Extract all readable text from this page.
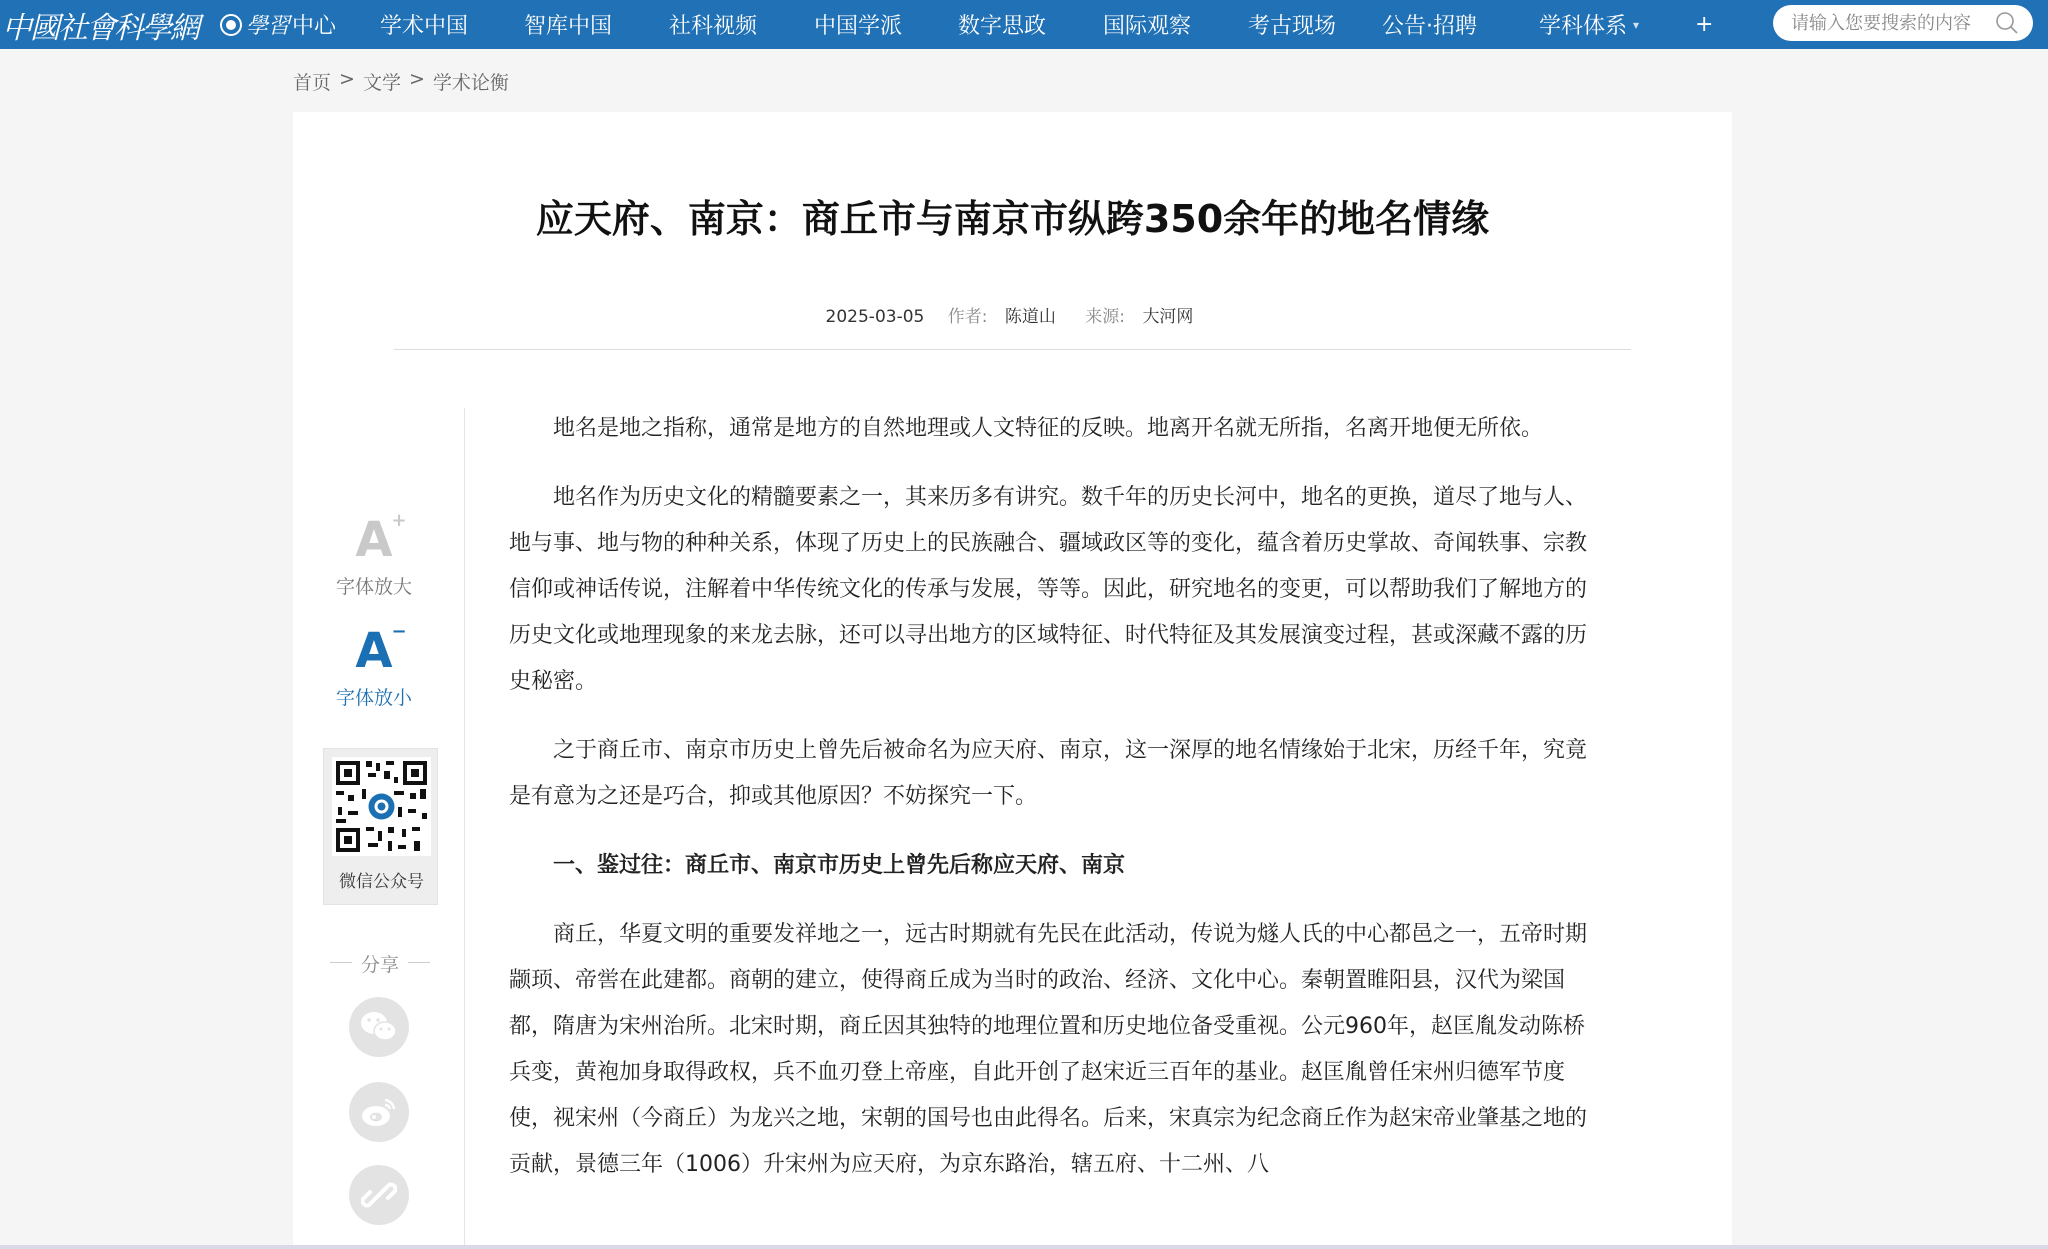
中國社會科學網 學習 中心 学术中国	智库中国	社科视频	中国学派	数字思政	国际观察	考古现场 公告·招聘	学科体系 ▾	+
请输入您要搜索的内容
首页 > 文学 > 学术论衡
应天府、南京：商丘市与南京市纵跨350余年的地名情缘
2025-03-05 作者: 陈道山 来源: 大河网
A
+
字体放大
A
−
字体放小
微信公众号
分享

地名是地之指称，通常是地方的自然地理或人文特征的反映。地离开名就无所指，名离开地便无所依。

地名作为历史文化的精髓要素之一，其来历多有讲究。数千年的历史长河中，地名的更换，道尽了地与人、地与事、地与物的种种关系，体现了历史上的民族融合、疆域政区等的变化，蕴含着历史掌故、奇闻轶事、宗教信仰或神话传说，注解着中华传统文化的传承与发展，等等。因此，研究地名的变更，可以帮助我们了解地方的历史文化或地理现象的来龙去脉，还可以寻出地方的区域特征、时代特征及其发展演变过程，甚或深藏不露的历史秘密。

之于商丘市、南京市历史上曾先后被命名为应天府、南京，这一深厚的地名情缘始于北宋，历经千年，究竟是有意为之还是巧合，抑或其他原因？不妨探究一下。

一、鉴过往：商丘市、南京市历史上曾先后称应天府、南京

商丘，华夏文明的重要发祥地之一，远古时期就有先民在此活动，传说为燧人氏的中心都邑之一，五帝时期颛顼、帝喾在此建都。商朝的建立，使得商丘成为当时的政治、经济、文化中心。秦朝置睢阳县，汉代为梁国都，隋唐为宋州治所。北宋时期，商丘因其独特的地理位置和历史地位备受重视。公元960年，赵匡胤发动陈桥兵变，黄袍加身取得政权，兵不血刃登上帝座，自此开创了赵宋近三百年的基业。赵匡胤曾任宋州归德军节度使，视宋州（今商丘）为龙兴之地，宋朝的国号也由此得名。后来，宋真宗为纪念商丘作为赵宋帝业肇基之地的贡献，景德三年（1006）升宋州为应天府，为京东路治，辖五府、十二州、八
